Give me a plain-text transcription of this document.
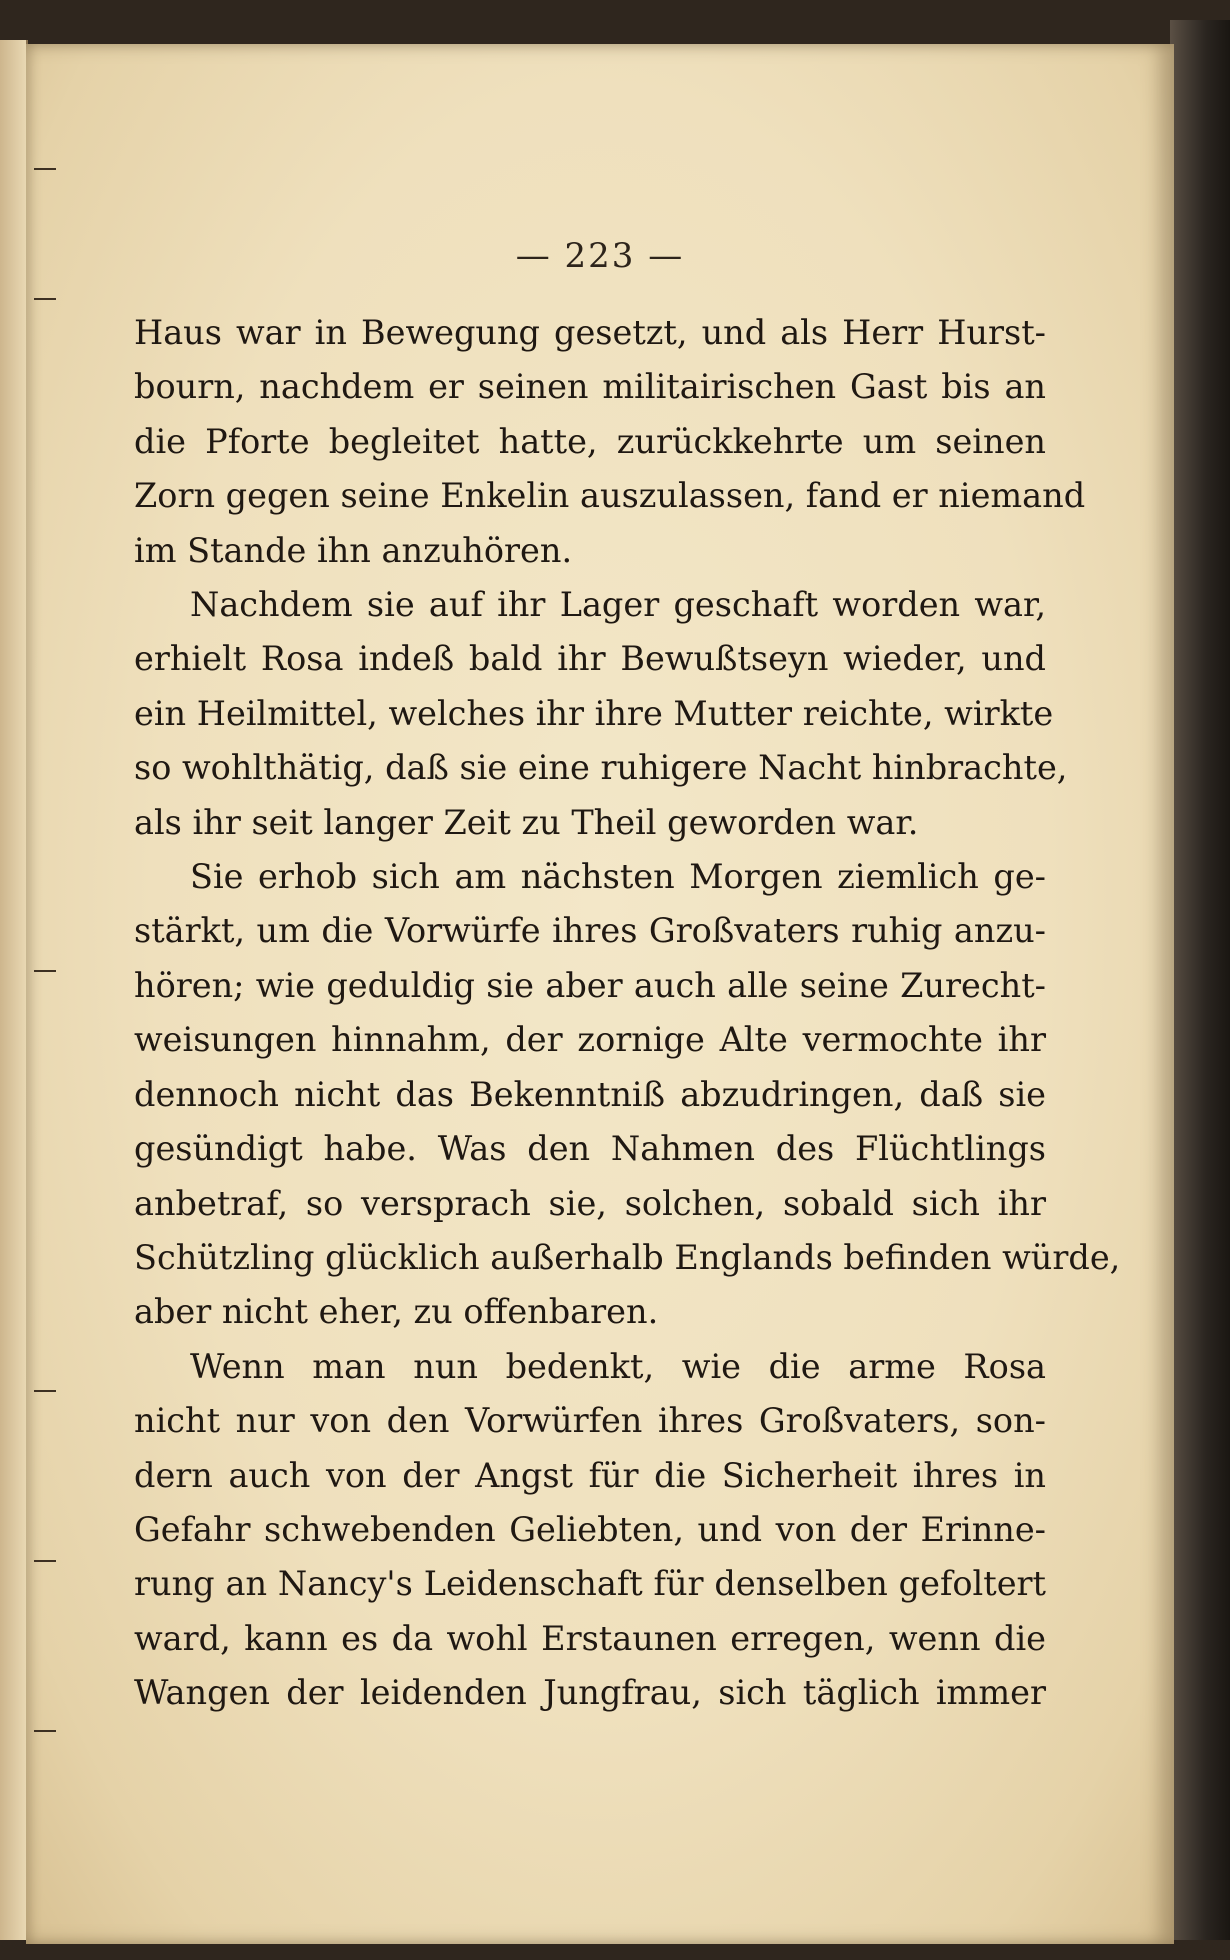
— 223 —
Haus war in Bewegung gesetzt, und als Herr Hurst-
bourn, nachdem er seinen militairischen Gast bis an
die Pforte begleitet hatte, zurückkehrte um seinen
Zorn gegen seine Enkelin auszulassen, fand er niemand
im Stande ihn anzuhören.
Nachdem sie auf ihr Lager geschaft worden war,
erhielt Rosa indeß bald ihr Bewußtseyn wieder, und
ein Heilmittel, welches ihr ihre Mutter reichte, wirkte
so wohlthätig, daß sie eine ruhigere Nacht hinbrachte,
als ihr seit langer Zeit zu Theil geworden war.
Sie erhob sich am nächsten Morgen ziemlich ge-
stärkt, um die Vorwürfe ihres Großvaters ruhig anzu-
hören; wie geduldig sie aber auch alle seine Zurecht-
weisungen hinnahm, der zornige Alte vermochte ihr
dennoch nicht das Bekenntniß abzudringen, daß sie
gesündigt habe. Was den Nahmen des Flüchtlings
anbetraf, so versprach sie, solchen, sobald sich ihr
Schützling glücklich außerhalb Englands befinden würde,
aber nicht eher, zu offenbaren.
Wenn man nun bedenkt, wie die arme Rosa
nicht nur von den Vorwürfen ihres Großvaters, son-
dern auch von der Angst für die Sicherheit ihres in
Gefahr schwebenden Geliebten, und von der Erinne-
rung an Nancy's Leidenschaft für denselben gefoltert
ward, kann es da wohl Erstaunen erregen, wenn die
Wangen der leidenden Jungfrau, sich täglich immer
